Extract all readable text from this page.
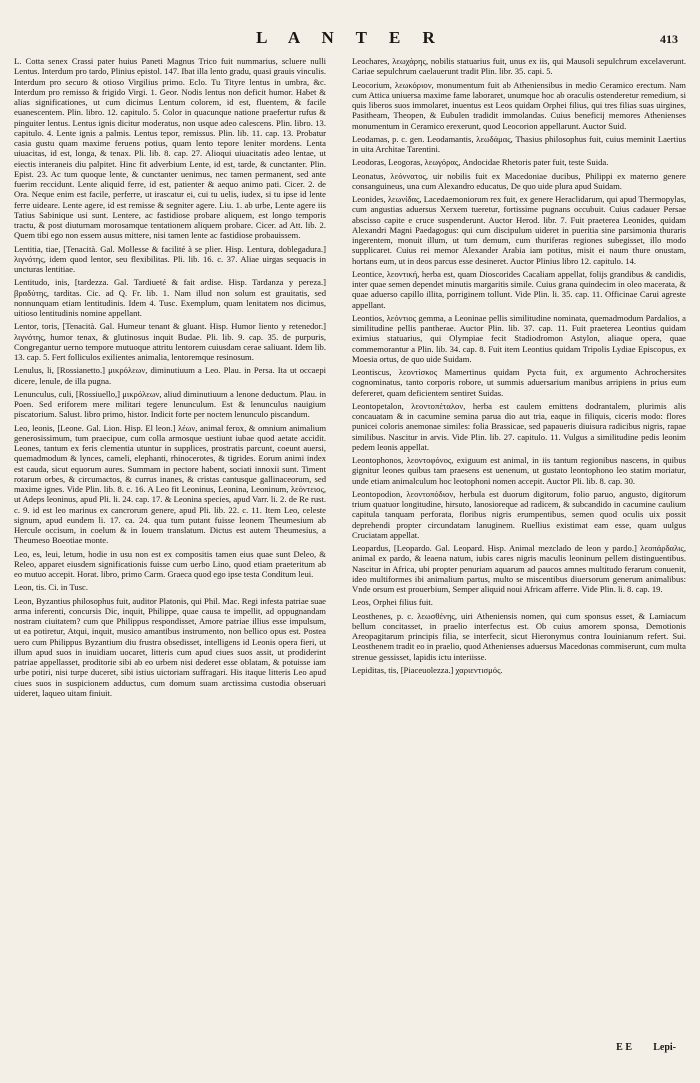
L A N T E R	413

L. Cotta senex Crassi pater huius Paneti Magnus Trico fuit nummarius, scluere nulli Lentus. Interdum pro tardo, Plinius epistol. 147. Ibat illa lento gradu, quasi grauis vinculis. Interdum pro securo & otioso Virgilius primo. Eclo. Tu Tityre lentus in umbra, &c. Interdum pro remisso & frigido Virgi. 1. Geor. Nodis lentus non deficit humor. Habet & alias significationes, ut cum dicimus Lentum colorem, id est, fluentem, & facile euanescentem. Plin. libro. 12. capitulo. 5. Color in quacunque natione praefertur rufus & pinguiter lentus. Lentus ignis dicitur moderatus, non usque adeo calescens. Plin. libro. 13. capitulo. 4. Lente ignis a palmis. Lentus tepor, remissus. Plin. lib. 11. cap. 13. Probatur casia gustu quam maxime feruens potius, quam lento tepore leniter mordens. Lenta uiuacitas, id est, longa, & tenax. Pli. lib. 8. cap. 27. Alioqui uiuacitatis adeo lentae, ut eiectis interaneis diu palpitet. Hinc fit adverbium Lente, id est, tarde, & cunctanter. Plin. Epist. 23. Ac tum quoque lente, & cunctanter uenimus, nec tamen permanent, sed ante fuerim reccidunt. Lente aliquid ferre, id est, patienter & aequo animo pati. Cicer. 2. de Ora. Neque enim est facile, perferre, ut irascatur ei, cui tu uelis, iudex, si tu ipse id lente ferre uideare. Lente agere, id est remisse & segniter agere. Liu. 1. ab urbe, Lente agere iis Tatius Sabinique usi sunt. Lentere, ac fastidiose probare aliquem, est longo temporis tractu, & post diuturnam morosamque tentationem aliquem probare. Cicer. ad Att. lib. 2. Quem tibi ego non essem ausus mittere, nisi tamen lente ac fastidiose probauissem.

Lentitia, tiae, [Tenacità. Gal. Mollesse & facilité à se plier. Hisp. Lentura, doblegadura.] λιγνότης, idem quod lentor, seu flexibilitas. Pli. lib. 16. c. 37. Aliae uirgas sequacis in uncturas lentitiae.

Lentitudo, inis, [tardezza. Gal. Tardiueté & fait ardise. Hisp. Tardanza y pereza.] βραδύτης, tarditas. Cic. ad Q. Fr. lib. 1. Nam illud non solum est grauitatis, sed nonnunquam etiam lentitudinis. Idem 4. Tusc. Exemplum, quam lenitatem nos dicimus, uitioso lentitudinis nomine appellant.

Lentor, toris, [Tenacità. Gal. Humeur tenant & gluant. Hisp. Humor liento y retenedor.] λιγνότης, humor tenax, & glutinosus inquit Budae. Pli. lib. 9. cap. 35. de purpuris, Congregantur uerno tempore mutuoque attritu lentorem cuiusdam cerae saliuant. Idem lib. 13. cap. 5. Fert folliculos exilientes animalia, lentoremque resinosum.

Lenulus, li, [Rossianetto.] μικρόλεων, diminutiuum a Leo. Plau. in Persa. Ita ut occaepi dicere, lenule, de illa pugna.

Lenunculus, culi, [Rossiuello,] μικρόλεων, aliud diminutiuum a lenone deductum. Plau. in Poen. Sed eriforem mere militari tegere lenunculum. Est & lenunculus nauigium piscatorium. Salust. libro primo, histor. Indicit forte per noctem lenunculo piscandum.

Leo, leonis, [Leone. Gal. Lion. Hisp. El leon.] λέων, animal ferox, & omnium animalium generosissimum, tum praecipue, cum colla armosque uestiunt iubae quod aetate accidit. Leones, tantum ex feris clementia utuntur in supplices, prostratis parcunt, coeunt auersi, quemadmodum & lynces, cameli, elephanti, rhinocerotes, & tigrides. Eorum animi index est cauda, sicut equorum aures. Summam in pectore habent, sociati innoxii sunt. Timent rotarum orbes, & circumactos, & currus inanes, & cristas cantusque gallinaceorum, sed maxime ignes. Vide Plin. lib. 8. c. 16. A Leo fit Leoninus, Leonina, Leoninum, λεόντειος, ut Adeps leoninus, apud Pli. li. 24. cap. 17. & Leonina species, apud Varr. li. 2. de Re rust. c. 9. id est leo marinus ex cancrorum genere, apud Pli. lib. 22. c. 11. Item Leo, celeste signum, apud eundem li. 17. ca. 24. qua tum putant fuisse leonem Theumesium ab Hercule occisum, in coelum & in Iouem translatum. Dictus est autem Theumesius, a Theumeso Boeotiae monte.

Leo, es, leui, letum, hodie in usu non est ex compositis tamen eius quae sunt Deleo, & Releo, apparet eiusdem significationis fuisse cum uerbo Lino, quod etiam praeteritum ab eo mutuo accepit. Horat. libro, primo Carm. Graeca quod ego ipse testa Conditum leui.

Leon, tis. Ci. in Tusc.

Leon, Byzantius philosophus fuit, auditor Platonis, qui Phil. Mac. Regi infesta patriae suae arma inferenti, concursis Dic, inquit, Philippe, quae causa te impellit, ad oppugnandam nostram ciuitatem? cum que Philippus respondisset, Amore patriae illius esse impulsum, ut ea potiretur, Atqui, inquit, musico amantibus instrumento, non bellico opus est. Postea uero cum Philippus Byzantium diu frustra obsedisset, intelligens id Leonis opera fieri, ut illum apud suos in inuidiam uocaret, litteris cum apud ciues suos assit, ut prodiderint patriae appellasset, proditorie sibi ab eo urbem nisi dederet esse oblatam, & potuisse iam urbe potiri, nisi turpe duceret, sibi istius uictoriam suffragari. His itaque litteris Leo apud ciues suos in suspicionem adductus, cum domum suam arctissima custodia obseruari uideret, laqueo uitam finiuit.

Leochares, λεωχάρης, nobilis statuarius fuit, unus ex iis, qui Mausoli sepulchrum excelaverunt. Cariae sepulchrum caelauerunt tradit Plin. libr. 35. capi. 5.

Leocorium, λεωκόριον, monumentum fuit ab Atheniensibus in medio Ceramico erectum. Nam cum Attica uniuersa maxime fame laboraret, unumque hoc ab oraculis ostenderetur remedium, si quis liberos suos immolaret, inuentus est Leos quidam Orphei filius, qui tres filias suas uirgines, Pasitheam, Theopen, & Eubulen tradidit immolandas. Cuius beneficij memores Athenienses monumentum in Ceramico erexerunt, quod Leocorion appellarunt. Auctor Suid.

Leodamas, p. c. gen. Leodamantis, λεωδάμας, Thasius philosophus fuit, cuius meminit Laertius in uita Architae Tarentini.

Leodoras, Leogoras, λεωγόρας, Andocidae Rhetoris pater fuit, teste Suida.

Leonatus, λεόννατος, uir nobilis fuit ex Macedoniae ducibus, Philippi ex materno genere consanguineus, una cum Alexandro educatus, De quo uide plura apud Suidam.

Leonides, λεωνίδας, Lacedaemoniorum rex fuit, ex genere Heraclidarum, qui apud Thermopylas, cum angustias aduersus Xerxem tueretur, fortissime pugnans occubuit. Cuius cadauer Persae abscisso capite e cruce suspenderunt. Auctor Herod. libr. 7. Fuit praeterea Leonides, quidam Alexandri Magni Paedagogus: qui cum discipulum uideret in pueritia sine parsimonia thuraris ingerentem, monuit illum, ut tum demum, cum thuriferas regiones subegisset, illo modo supplicaret. Cuius rei memor Alexander Arabia iam potitus, misit ei naum thure onustam, hortans eum, ut in deos parcus esse desineret. Auctor Plinius libro 12. capitulo. 14.

Leontice, λεοντική, herba est, quam Dioscorides Cacaliam appellat, folijs grandibus & candidis, inter quae semen dependet minutis margaritis simile. Cuius grana quindecim in oleo macerata, & quae aduerso capillo illita, porriginem tollunt. Vide Plin. li. 35. cap. 11. Officinae Carui agreste appellant.

Leontios, λεόντιος gemma, a Leoninae pellis similitudine nominata, quemadmodum Pardalios, a similitudine pellis pantherae. Auctor Plin. lib. 37. cap. 11. Fuit praeterea Leontius quidam eximius statuarius, qui Olympiae fecit Stadiodromon Astylon, aliaque opera, quae commemorantur a Plin. lib. 34. cap. 8. Fuit item Leontius quidam Tripolis Lydiae Episcopus, ex Moesia ortus, de quo uide Suidam.

Leontiscus, λεοντίσκος Mamertinus quidam Pycta fuit, ex argumento Achrochersites cognominatus, tanto corporis robore, ut summis aduersarium manibus arripiens in prius eum defereret, quam deficientem sentiret Suidas.

Leontopetalon, λεοντοπέταλον, herba est caulem emittens dodrantalem, plurimis alis concauatam & in cacumine semina parua dio aut tria, eaque in filiquis, ciceris modo: flores punicei coloris anemonae similes: folia Brassicae, sed papaueris diuisura radicibus nigris, rapae similibus. Nascitur in arvis. Vide Plin. lib. 27. capitulo. 11. Vulgus a similitudine pedis leonim pedem leonis appellat.

Leontophonos, λεοντοφόνος, exiguum est animal, in iis tantum regionibus nascens, in quibus gignitur leones quibus tam praesens est uenenum, ut gustato leontophono leo statim moriatur, unde etiam animalculum hoc leotophoni nomen accepit. Auctor Pli. lib. 8. cap. 30.

Leontopodion, λεοντοπόδιον, herbula est duorum digitorum, folio paruo, angusto, digitorum trium quatuor longitudine, hirsuto, lanosioreque ad radicem, & subcandido in cacumine caulium capitula tanquam perforata, floribus nigris erumpentibus, semen quod oculis uix possit deprehendi propter circundatam lanuginem. Ruellius existimat eam esse, quam uulgus Cruciatam appellat.

Leopardus, [Leopardo. Gal. Leopard. Hisp. Animal mezclado de leon y pardo.] λεοπάρδαλις, animal ex pardo, & leaena natum, iubis cares nigris maculis leoninum pellem distinguentibus. Nascitur in Africa, ubi propter penuriam aquarum ad paucos amnes multitudo ferarum conuenit, ideo multiformes ibi animalium partus, multo se miscentibus diuersorum generum animalibus: Vnde orsum est prouerbium, Semper aliquid noui Africam afferre. Vide Plin. li. 8. cap. 19.

Leos, Orphei filius fuit.

Leosthenes, p. c. λεωσθένης, uiri Atheniensis nomen, qui cum sponsus esset, & Lamiacum bellum concitasset, in praelio interfectus est. Ob cuius amorem sponsa, Demotionis Areopagitarum principis filia, se interfecit, sicut Hieronymus contra Iouinianum refert. Sui. Leosthenem tradit eo in praelio, quod Athenienses aduersus Macedonas commiserunt, cum multa strenue gessisset, lapidis ictu interiisse.

Lepiditas, tis, [Piaceuolezza.] χαριεντισμός.

E E Lepi-
